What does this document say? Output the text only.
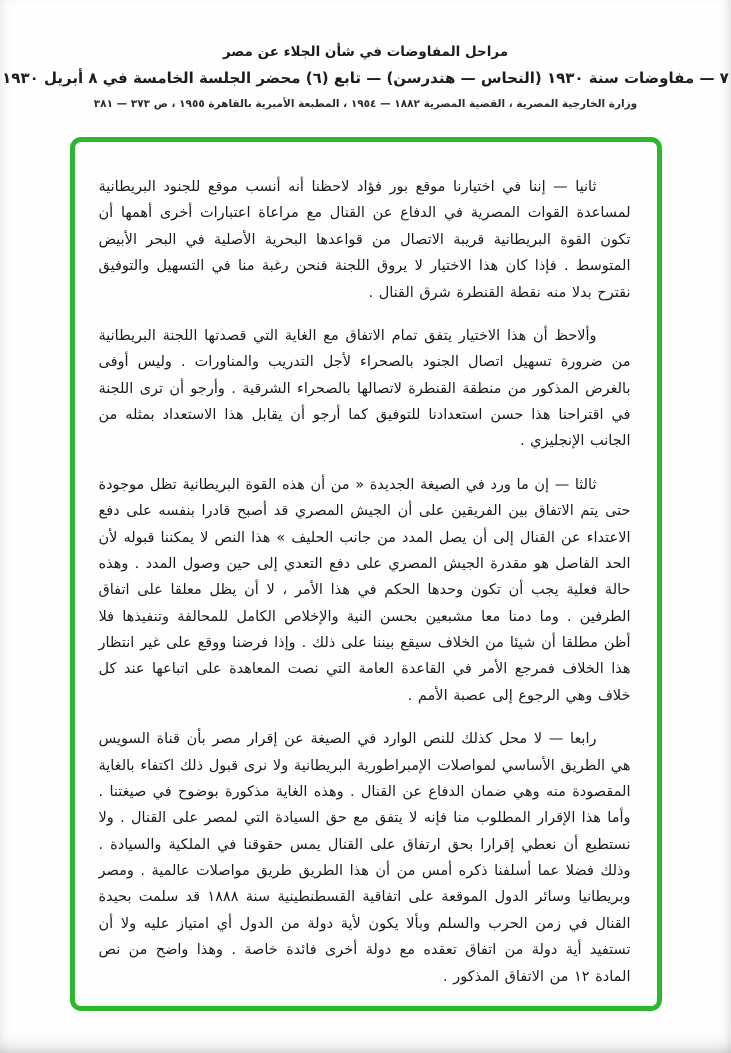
مراحل المفاوضات في شأن الجلاء عن مصر
٧ — مفاوضات سنة ١٩٣٠ (النحاس — هندرسن) — تابع (٦) محضر الجلسة الخامسة في ٨ أبريل ١٩٣٠
وزارة الخارجية المصرية ، القضية المصرية ١٨٨٢ — ١٩٥٤ ، المطبعة الأميرية بالقاهرة ١٩٥٥ ، ص ٣٧٣ — ٣٨١

ثانيا — إننا في اختيارنا موقع بور فؤاد لاحظنا أنه أنسب موقع للجنود البريطانية لمساعدة القوات المصرية في الدفاع عن القنال مع مراعاة اعتبارات أخرى أهمها أن تكون القوة البريطانية قريبة الاتصال من قواعدها البحرية الأصلية في البحر الأبيض المتوسط . فإذا كان هذا الاختيار لا يروق اللجنة فنحن رغبة منا في التسهيل والتوفيق نقترح بدلا منه نقطة القنطرة شرق القنال .

وألاحظ أن هذا الاختيار يتفق تمام الاتفاق مع الغاية التي قصدتها اللجنة البريطانية من ضرورة تسهيل اتصال الجنود بالصحراء لأجل التدريب والمناورات . وليس أوفى بالغرض المذكور من منطقة القنطرة لاتصالها بالصحراء الشرقية . وأرجو أن ترى اللجنة في اقتراحنا هذا حسن استعدادنا للتوفيق كما أرجو أن يقابل هذا الاستعداد بمثله من الجانب الإنجليزي .

ثالثا — إن ما ورد في الصيغة الجديدة « من أن هذه القوة البريطانية تظل موجودة حتى يتم الاتفاق بين الفريقين على أن الجيش المصري قد أصبح قادرا بنفسه على دفع الاعتداء عن القنال إلى أن يصل المدد من جانب الحليف » هذا النص لا يمكننا قبوله لأن الحد الفاصل هو مقدرة الجيش المصري على دفع التعدي إلى حين وصول المدد . وهذه حالة فعلية يجب أن تكون وحدها الحكم في هذا الأمر ، لا أن يظل معلقا على اتفاق الطرفين . وما دمنا معا مشبعين بحسن النية والإخلاص الكامل للمحالفة وتنفيذها فلا أظن مطلقا أن شيئا من الخلاف سيقع بيننا على ذلك . وإذا فرضنا ووقع على غير انتظار هذا الخلاف فمرجع الأمر في القاعدة العامة التي نصت المعاهدة على اتباعها عند كل خلاف وهي الرجوع إلى عصبة الأمم .

رابعا — لا محل كذلك للنص الوارد في الصيغة عن إقرار مصر بأن قناة السويس هي الطريق الأساسي لمواصلات الإمبراطورية البريطانية ولا نرى قبول ذلك اكتفاء بالغاية المقصودة منه وهي ضمان الدفاع عن القنال . وهذه الغاية مذكورة بوضوح في صيغتنا . وأما هذا الإقرار المطلوب منا فإنه لا يتفق مع حق السيادة التي لمصر على القنال . ولا نستطيع أن نعطي إقرارا بحق ارتفاق على القنال يمس حقوقنا في الملكية والسيادة . وذلك فضلا عما أسلفنا ذكره أمس من أن هذا الطريق طريق مواصلات عالمية . ومصر وبريطانيا وسائر الدول الموقعة على اتفاقية القسطنطينية سنة ١٨٨٨ قد سلمت بحيدة القنال في زمن الحرب والسلم وبألا يكون لأية دولة من الدول أي امتياز عليه ولا أن تستفيد أية دولة من اتفاق تعقده مع دولة أخرى فائدة خاصة . وهذا واضح من نص المادة ١٢ من الاتفاق المذكور .
